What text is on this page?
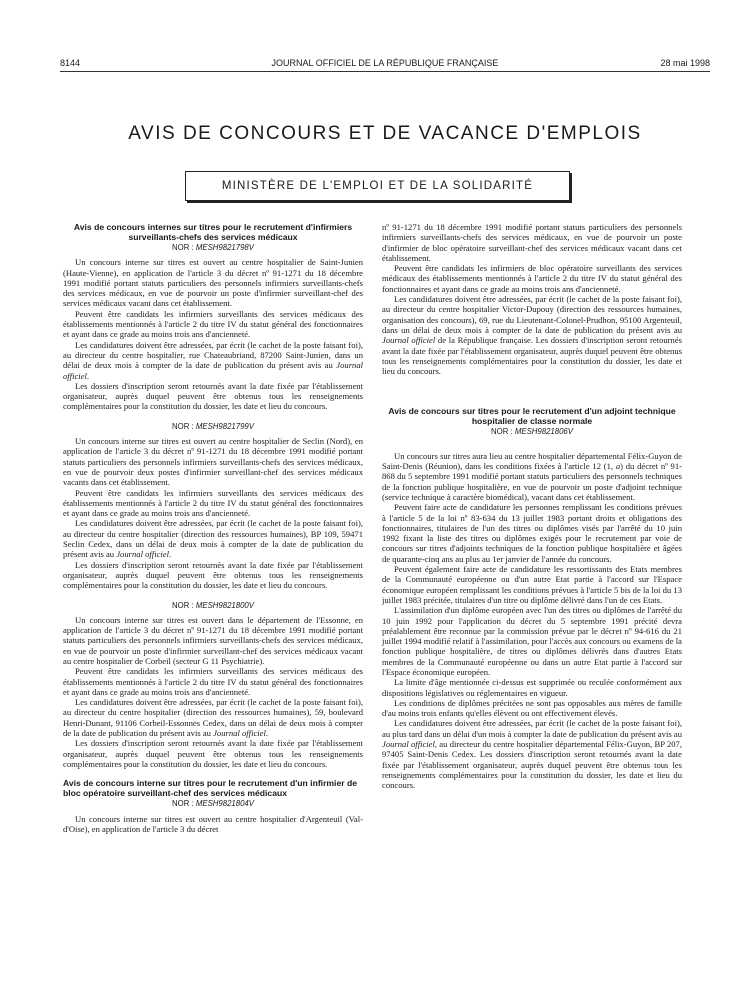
8144	JOURNAL OFFICIEL DE LA RÉPUBLIQUE FRANÇAISE	28 mai 1998
AVIS DE CONCOURS ET DE VACANCE D'EMPLOIS
MINISTÈRE DE L'EMPLOI ET DE LA SOLIDARITÉ
Avis de concours internes sur titres pour le recrutement d'infirmiers surveillants-chefs des services médicaux
NOR : MESH9821798V

Un concours interne sur titres est ouvert au centre hospitalier de Saint-Junien (Haute-Vienne), en application de l'article 3 du décret nº 91-1271 du 18 décembre 1991 modifié portant statuts particuliers des personnels infirmiers surveillants-chefs des services médicaux, en vue de pourvoir un poste d'infirmier surveillant-chef des services médicaux vacant dans cet établissement.

Peuvent être candidats les infirmiers surveillants des services médicaux des établissements mentionnés à l'article 2 du titre IV du statut général des fonctionnaires et ayant dans ce grade au moins trois ans d'ancienneté.

Les candidatures doivent être adressées, par écrit (le cachet de la poste faisant foi), au directeur du centre hospitalier, rue Chateaubriand, 87200 Saint-Junien, dans un délai de deux mois à compter de la date de publication du présent avis au Journal officiel.

Les dossiers d'inscription seront retournés avant la date fixée par l'établissement organisateur, auprès duquel peuvent être obtenus tous les renseignements complémentaires pour la constitution du dossier, les date et lieu du concours.

NOR : MESH9821799V

Un concours interne sur titres est ouvert au centre hospitalier de Seclin (Nord), en application de l'article 3 du décret nº 91-1271 du 18 décembre 1991 modifié portant statuts particuliers des personnels infirmiers surveillants-chefs des services médicaux, en vue de pourvoir deux postes d'infirmier surveillant-chef des services médicaux vacants dans cet établissement.

Peuvent être candidats les infirmiers surveillants des services médicaux des établissements mentionnés à l'article 2 du titre IV du statut général des fonctionnaires et ayant dans ce grade au moins trois ans d'ancienneté.

Les candidatures doivent être adressées, par écrit (le cachet de la poste faisant foi), au directeur du centre hospitalier (direction des ressources humaines), BP 109, 59471 Seclin Cedex, dans un délai de deux mois à compter de la date de publication du présent avis au Journal officiel.

Les dossiers d'inscription seront retournés avant la date fixée par l'établissement organisateur, auprès duquel peuvent être obtenus tous les renseignements complémentaires pour la constitution du dossier, les date et lieu du concours.

NOR : MESH9821800V

Un concours interne sur titres est ouvert dans le département de l'Essonne, en application de l'article 3 du décret nº 91-1271 du 18 décembre 1991 modifié portant statuts particuliers des personnels infirmiers surveillants-chefs des services médicaux, en vue de pourvoir un poste d'infirmier surveillant-chef des services médicaux vacant au centre hospitalier de Corbeil (secteur G 11 Psychiatrie).

Peuvent être candidats les infirmiers surveillants des services médicaux des établissements mentionnés à l'article 2 du titre IV du statut général des fonctionnaires et ayant dans ce grade au moins trois ans d'ancienneté.

Les candidatures doivent être adressées, par écrit (le cachet de la poste faisant foi), au directeur du centre hospitalier (direction des ressources humaines), 59, boulevard Henri-Dunant, 91106 Corbeil-Essonnes Cedex, dans un délai de deux mois à compter de la date de publication du présent avis au Journal officiel.

Les dossiers d'inscription seront retournés avant la date fixée par l'établissement organisateur, auprès duquel peuvent être obtenus tous les renseignements complémentaires pour la constitution du dossier, les date et lieu du concours.

Avis de concours interne sur titres pour le recrutement d'un infirmier de bloc opératoire surveillant-chef des services médicaux
NOR : MESH9821804V

Un concours interne sur titres est ouvert au centre hospitalier d'Argenteuil (Val-d'Oise), en application de l'article 3 du décret

nº 91-1271 du 18 décembre 1991 modifié portant statuts particuliers des personnels infirmiers surveillants-chefs des services médicaux, en vue de pourvoir un poste d'infirmier de bloc opératoire surveillant-chef des services médicaux vacant dans cet établissement.

Peuvent être candidats les infirmiers de bloc opératoire surveillants des services médicaux des établissements mentionnés à l'article 2 du titre IV du statut général des fonctionnaires et ayant dans ce grade au moins trois ans d'ancienneté.

Les candidatures doivent être adressées, par écrit (le cachet de la poste faisant foi), au directeur du centre hospitalier Victor-Dupouy (direction des ressources humaines, organisation des concours), 69, rue du Lieutenant-Colonel-Prudhon, 95100 Argenteuil, dans un délai de deux mois à compter de la date de publication du présent avis au Journal officiel de la République française. Les dossiers d'inscription seront retournés avant la date fixée par l'établissement organisateur, auprès duquel peuvent être obtenus tous les renseignements complémentaires pour la constitution du dossier, les date et lieu du concours.

Avis de concours sur titres pour le recrutement d'un adjoint technique hospitalier de classe normale
NOR : MESH9821806V

Un concours sur titres aura lieu au centre hospitalier départemental Félix-Guyon de Saint-Denis (Réunion), dans les conditions fixées à l'article 12 (1, a) du décret nº 91-868 du 5 septembre 1991 modifié portant statuts particuliers des personnels techniques de la fonction publique hospitalière, en vue de pourvoir un poste d'adjoint technique (service technique à caractère biomédical), vacant dans cet établissement.

Peuvent faire acte de candidature les personnes remplissant les conditions prévues à l'article 5 de la loi nº 83-634 du 13 juillet 1983 portant droits et obligations des fonctionnaires, titulaires de l'un des titres ou diplômes visés par l'arrêté du 10 juin 1992 fixant la liste des titres ou diplômes exigés pour le recrutement par voie de concours sur titres d'adjoints techniques de la fonction publique hospitalière et âgées de quarante-cinq ans au plus au 1er janvier de l'année du concours.

Peuvent également faire acte de candidature les ressortissants des Etats membres de la Communauté européenne ou d'un autre Etat partie à l'accord sur l'Espace économique européen remplissant les conditions prévues à l'article 5 bis de la loi du 13 juillet 1983 précitée, titulaires d'un titre ou diplôme délivré dans l'un de ces Etats.

L'assimilation d'un diplôme européen avec l'un des titres ou diplômes de l'arrêté du 10 juin 1992 pour l'application du décret du 5 septembre 1991 précité devra préalablement être reconnue par la commission prévue par le décret nº 94-616 du 21 juillet 1994 modifié relatif à l'assimilation, pour l'accès aux concours ou examens de la fonction publique hospitalière, de titres ou diplômes délivrés dans d'autres Etats membres de la Communauté européenne ou dans un autre Etat partie à l'accord sur l'Espace économique européen.

La limite d'âge mentionnée ci-dessus est supprimée ou reculée conformément aux dispositions législatives ou réglementaires en vigueur.

Les conditions de diplômes précitées ne sont pas opposables aux mères de famille d'au moins trois enfants qu'elles élèvent ou ont effectivement élevés.

Les candidatures doivent être adressées, par écrit (le cachet de la poste faisant foi), au plus tard dans un délai d'un mois à compter la date de publication du présent avis au Journal officiel, au directeur du centre hospitalier départemental Félix-Guyon, BP 207, 97405 Saint-Denis Cedex. Les dossiers d'inscription seront retournés avant la date fixée par l'établissement organisateur, auprès duquel peuvent être obtenus tous les renseignements complémentaires pour la constitution du dossier, les date et lieu du concours.
